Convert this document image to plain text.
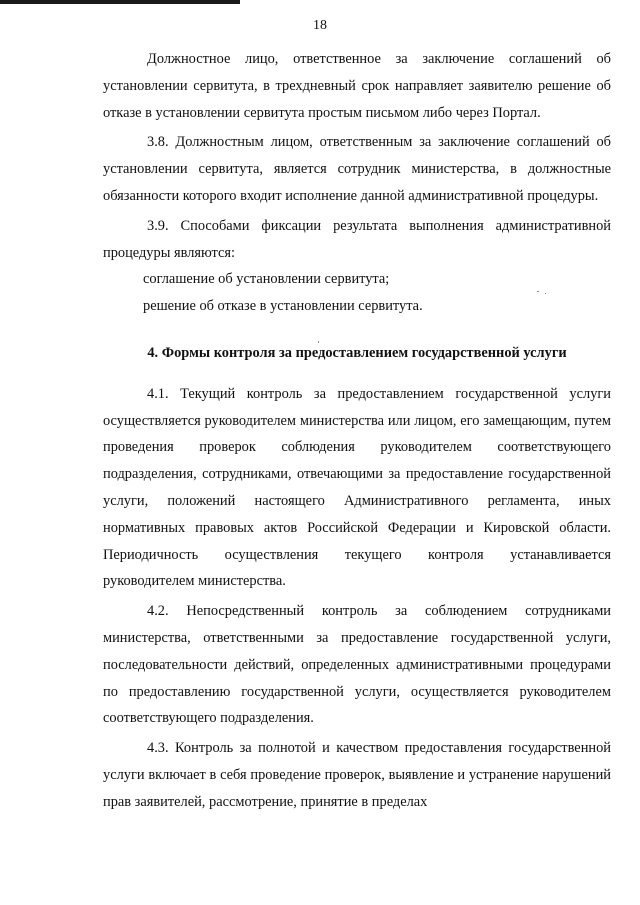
18

Должностное лицо, ответственное за заключение соглашений об установлении сервитута, в трехдневный срок направляет заявителю решение об отказе в установлении сервитута простым письмом либо через Портал.

3.8. Должностным лицом, ответственным за заключение соглашений об установлении сервитута, является сотрудник министерства, в должностные обязанности которого входит исполнение данной административной процедуры.

3.9. Способами фиксации результата выполнения административной процедуры являются:

соглашение об установлении сервитута;

решение об отказе в установлении сервитута.

4. Формы контроля за предоставлением государственной услуги

4.1. Текущий контроль за предоставлением государственной услуги осуществляется руководителем министерства или лицом, его замещающим, путем проведения проверок соблюдения руководителем соответствующего подразделения, сотрудниками, отвечающими за предоставление государственной услуги, положений настоящего Административного регламента, иных нормативных правовых актов Российской Федерации и Кировской области. Периодичность осуществления текущего контроля устанавливается руководителем министерства.

4.2. Непосредственный контроль за соблюдением сотрудниками министерства, ответственными за предоставление государственной услуги, последовательности действий, определенных административными процедурами по предоставлению государственной услуги, осуществляется руководителем соответствующего подразделения.

4.3. Контроль за полнотой и качеством предоставления государственной услуги включает в себя проведение проверок, выявление и устранение нарушений прав заявителей, рассмотрение, принятие в пределах
